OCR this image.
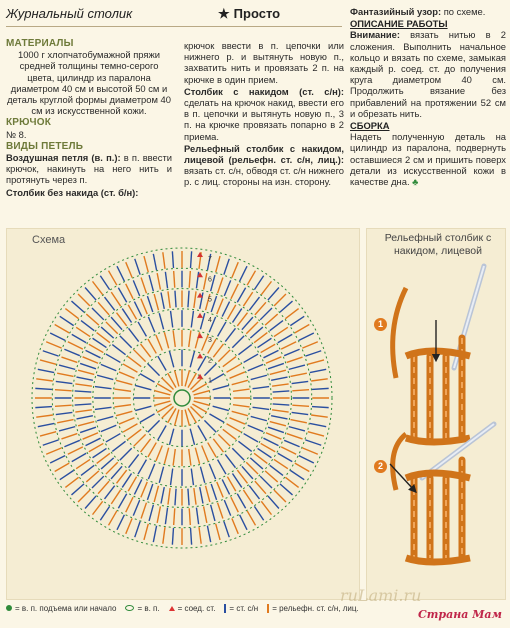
Журнальный столик	★ Просто
МАТЕРИАЛЫ

1000 г хлопчатобумажной пряжи средней толщины темно-серого цвета, цилиндр из паралона диаметром 40 см и высотой 50 см и деталь круглой формы диаметром 40 см из искусственной кожи.

КРЮЧОК

№ 8.

ВИДЫ ПЕТЕЛЬ

Воздушная петля (в. п.): в п. ввести крючок, накинуть на него нить и протянуть через п.

Столбик без накида (ст. б/н):

крючок ввести в п. цепочки или нижнего р. и вытянуть новую п., захватить нить и провязать 2 п. на крючке в один прием.

Столбик с накидом (ст. с/н): сделать на крючок накид, ввести его в п. цепочки и вытянуть новую п., 3 п. на крючке провязать попарно в 2 приема.

Рельефный столбик с накидом, лицевой (рельефн. ст. с/н, лиц.): вязать ст. с/н, обводя ст. с/н нижнего р. с лиц. стороны на изн. сторону.

Фантазийный узор: по схеме.

ОПИСАНИЕ РАБОТЫ

Внимание: вязать нитью в 2 сложения. Выполнить начальное кольцо и вязать по схеме, замыкая каждый р. соед. ст. до получения круга диаметром 40 см. Продолжить вязание без прибавлений на протяжении 52 см и обрезать нить.

СБОРКА

Надеть полученную деталь на цилиндр из паралона, подвернуть оставшиеся 2 см и пришить поверх детали из искусственной кожи в качестве дна. ♣

Схема
1
2
3
4
5
6
7
Рельефный столбик с накидом, лицевой
1
2
= в. п. подъема или начало	= в. п. = соед. ст. = ст. с/н = рельефн. ст. с/н, лиц.
ruLami.ru
Страна Мам
